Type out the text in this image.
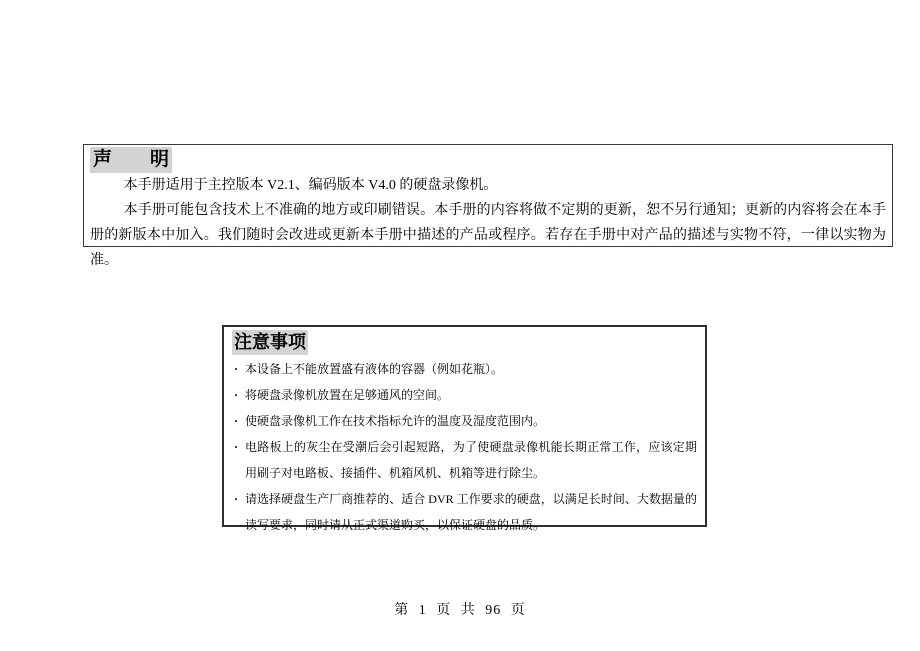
声　　明

本手册适用于主控版本 V2.1、编码版本 V4.0 的硬盘录像机。

本手册可能包含技术上不准确的地方或印刷错误。本手册的内容将做不定期的更新，恕不另行通知；更新的内容将会在本手册的新版本中加入。我们随时会改进或更新本手册中描述的产品或程序。若存在手册中对产品的描述与实物不符，一律以实物为准。

注意事项
· 本设备上不能放置盛有液体的容器（例如花瓶）。
· 将硬盘录像机放置在足够通风的空间。
· 使硬盘录像机工作在技术指标允许的温度及湿度范围内。
· 电路板上的灰尘在受潮后会引起短路，为了使硬盘录像机能长期正常工作，应该定期用刷子对电路板、接插件、机箱风机、机箱等进行除尘。
· 请选择硬盘生产厂商推荐的、适合 DVR 工作要求的硬盘，以满足长时间、大数据量的读写要求，同时请从正式渠道购买，以保证硬盘的品质。
第 1 页 共 96 页
